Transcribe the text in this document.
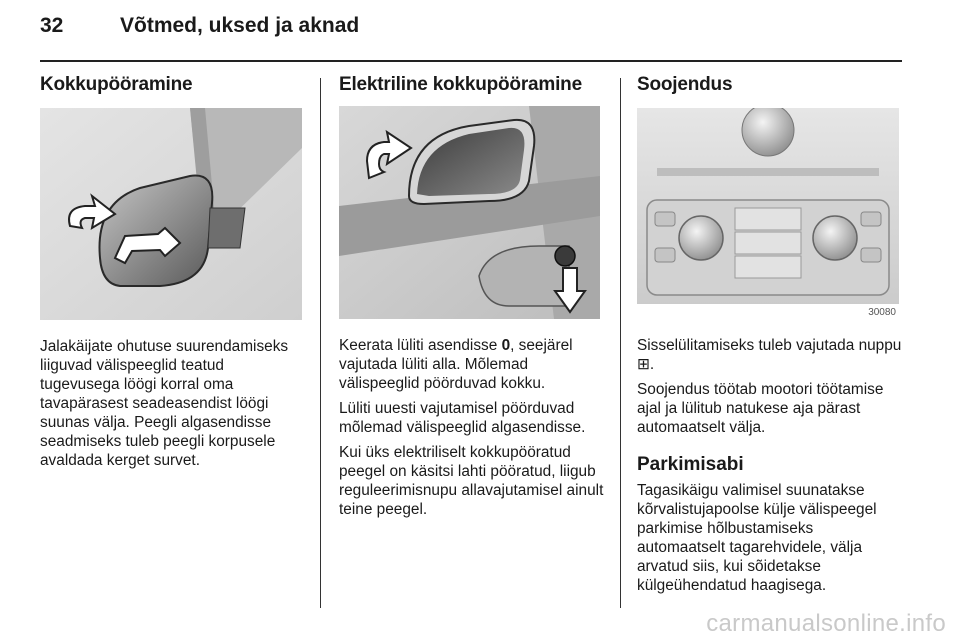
32	Võtmed, uksed ja aknad
Kokkupööramine

Jalakäijate ohutuse suurendamiseks liiguvad välispeeglid teatud tugevusega löögi korral oma tavapärasest seadeasendist löögi suunas välja. Peegli algasendisse seadmiseks tuleb peegli korpusele avaldada kerget survet.

Elektriline kokkupööramine

Keerata lüliti asendisse 0, seejärel vajutada lüliti alla. Mõlemad välispeeglid pöörduvad kokku.

Lüliti uuesti vajutamisel pöörduvad mõlemad välispeeglid algasendisse.

Kui üks elektriliselt kokkupööratud peegel on käsitsi lahti pööratud, liigub reguleerimisnupu allavajutamisel ainult teine peegel.

Soojendus
30080

Sisselülitamiseks tuleb vajutada nuppu ⊞.

Soojendus töötab mootori töötamise ajal ja lülitub natukese aja pärast automaatselt välja.

Parkimisabi

Tagasikäigu valimisel suunatakse kõrvalistujapoolse külje välispeegel parkimise hõlbustamiseks automaatselt tagarehvidele, välja arvatud siis, kui sõidetakse külgeühendatud haagisega.

carmanualsonline.info
